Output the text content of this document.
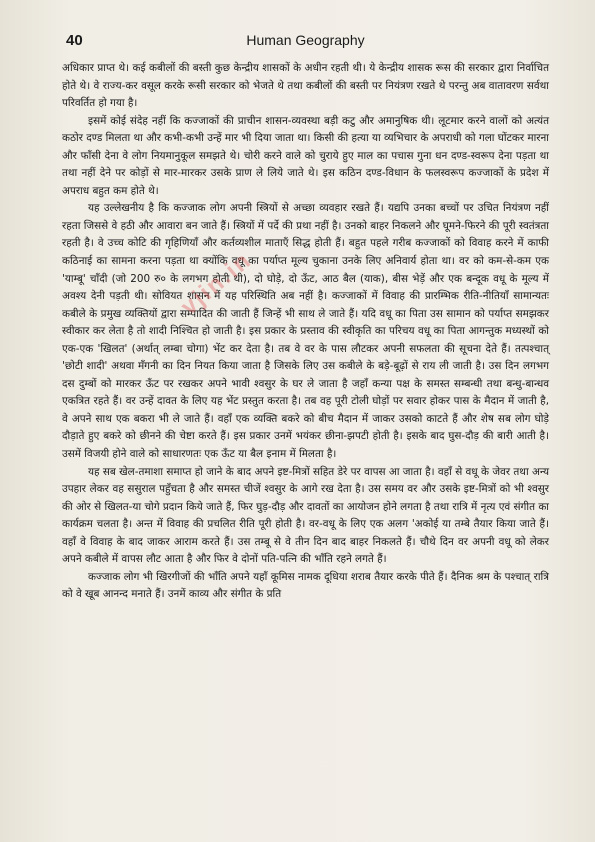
40	Human Geography

अधिकार प्राप्त थे। कई कबीलों की बस्ती कुछ केन्द्रीय शासकों के अधीन रहती थी। ये केन्द्रीय शासक रूस की सरकार द्वारा निर्वाचित होते थे। वे राज्य-कर वसूल करके रूसी सरकार को भेजते थे तथा कबीलों की बस्ती पर नियंत्रण रखते थे परन्तु अब वातावरण सर्वथा परिवर्तित हो गया है।

इसमें कोई संदेह नहीं कि कज्जाकों की प्राचीन शासन-व्यवस्था बड़ी कटु और अमानुषिक थी। लूटमार करने वालों को अत्यंत कठोर दण्ड मिलता था और कभी-कभी उन्हें मार भी दिया जाता था। किसी की हत्या या व्यभिचार के अपराधी को गला घोंटकर मारना और फाँसी देना वे लोग नियमानुकूल समझते थे। चोरी करने वाले को चुराये हुए माल का पचास गुना धन दण्ड-स्वरूप देना पड़ता था तथा नहीं देने पर कोड़ों से मार-मारकर उसके प्राण ले लिये जाते थे। इस कठिन दण्ड-विधान के फलस्वरूप कज्जाकों के प्रदेश में अपराध बहुत कम होते थे।

यह उल्लेखनीय है कि कज्जाक लोग अपनी स्त्रियों से अच्छा व्यवहार रखते हैं। यद्यपि उनका बच्चों पर उचित नियंत्रण नहीं रहता जिससे वे हठी और आवारा बन जाते हैं। स्त्रियों में पर्दे की प्रथा नहीं है। उनको बाहर निकलने और घूमने-फिरने की पूरी स्वतंत्रता रहती है। वे उच्च कोटि की गृहिणियाँ और कर्तव्यशील माताएँ सिद्ध होती हैं। बहुत पहले गरीब कज्जाकों को विवाह करने में काफी कठिनाई का सामना करना पड़ता था क्योंकि वधू का पर्याप्त मूल्य चुकाना उनके लिए अनिवार्य होता था। वर को कम-से-कम एक 'याम्बू' चाँदी (जो 200 रु० के लगभग होती थी), दो घोड़े, दो ऊँट, आठ बैल (याक), बीस भेड़ें और एक बन्दूक वधू के मूल्य में अवश्य देनी पड़ती थी। सोवियत शासन में यह परिस्थिति अब नहीं है। कज्जाकों में विवाह की प्रारम्भिक रीति-नीतियाँ सामान्यतः कबीले के प्रमुख व्यक्तियों द्वारा सम्पादित की जाती हैं जिन्हें भी साथ ले जाते हैं। यदि वधू का पिता उस सामान को पर्याप्त समझकर स्वीकार कर लेता है तो शादी निश्चित हो जाती है। इस प्रकार के प्रस्ताव की स्वीकृति का परिचय वधू का पिता आगन्तुक मध्यस्थों को एक-एक 'खिलत' (अर्थात् लम्बा चोगा) भेंट कर देता है। तब वे वर के पास लौटकर अपनी सफलता की सूचना देते हैं। तत्पश्चात् 'छोटी शादी' अथवा मँगनी का दिन नियत किया जाता है जिसके लिए उस कबीले के बड़े-बूढ़ों से राय ली जाती है। उस दिन लगभग दस दुम्बों को मारकर ऊँट पर रखकर अपने भावी श्वसुर के घर ले जाता है जहाँ कन्या पक्ष के समस्त सम्बन्धी तथा बन्धु-बान्धव एकत्रित रहते हैं। वर उन्हें दावत के लिए यह भेंट प्रस्तुत करता है। तब वह पूरी टोली घोड़ों पर सवार होकर पास के मैदान में जाती है, वे अपने साथ एक बकरा भी ले जाते हैं। वहाँ एक व्यक्ति बकरे को बीच मैदान में जाकर उसको काटते हैं और शेष सब लोग घोड़े दौड़ाते हुए बकरे को छीनने की चेष्टा करते हैं। इस प्रकार उनमें भयंकर छीना-झपटी होती है। इसके बाद घुस-दौड़ की बारी आती है। उसमें विजयी होने वाले को साधारणतः एक ऊँट या बैल इनाम में मिलता है।

यह सब खेल-तमाशा समाप्त हो जाने के बाद अपने इष्ट-मित्रों सहित डेरे पर वापस आ जाता है। वहाँ से वधू के जेवर तथा अन्य उपहार लेकर वह ससुराल पहुँचता है और समस्त चीजें श्वसुर के आगे रख देता है। उस समय वर और उसके इष्ट-मित्रों को भी श्वसुर की ओर से खिलत-या चोगे प्रदान किये जाते हैं, फिर घुड़-दौड़ और दावतों का आयोजन होने लगता है तथा रात्रि में नृत्य एवं संगीत का कार्यक्रम चलता है। अन्त में विवाह की प्रचलित रीति पूरी होती है। वर-वधू के लिए एक अलग 'अकोई या तम्बे तैयार किया जाते हैं। वहाँ वे विवाह के बाद जाकर आराम करते हैं। उस तम्बू से वे तीन दिन बाद बाहर निकलते हैं। चौथे दिन वर अपनी वधू को लेकर अपने कबीले में वापस लौट आता है और फिर वे दोनों पति-पत्नि की भाँति रहने लगते हैं।

कज्जाक लोग भी खिरगीजों की भाँति अपने यहाँ कूमिस नामक दूधिया शराब तैयार करके पीते हैं। दैनिक श्रम के पश्चात् रात्रि को वे खूब आनन्द मनाते हैं। उनमें काव्य और संगीत के प्रति

vjin.in
